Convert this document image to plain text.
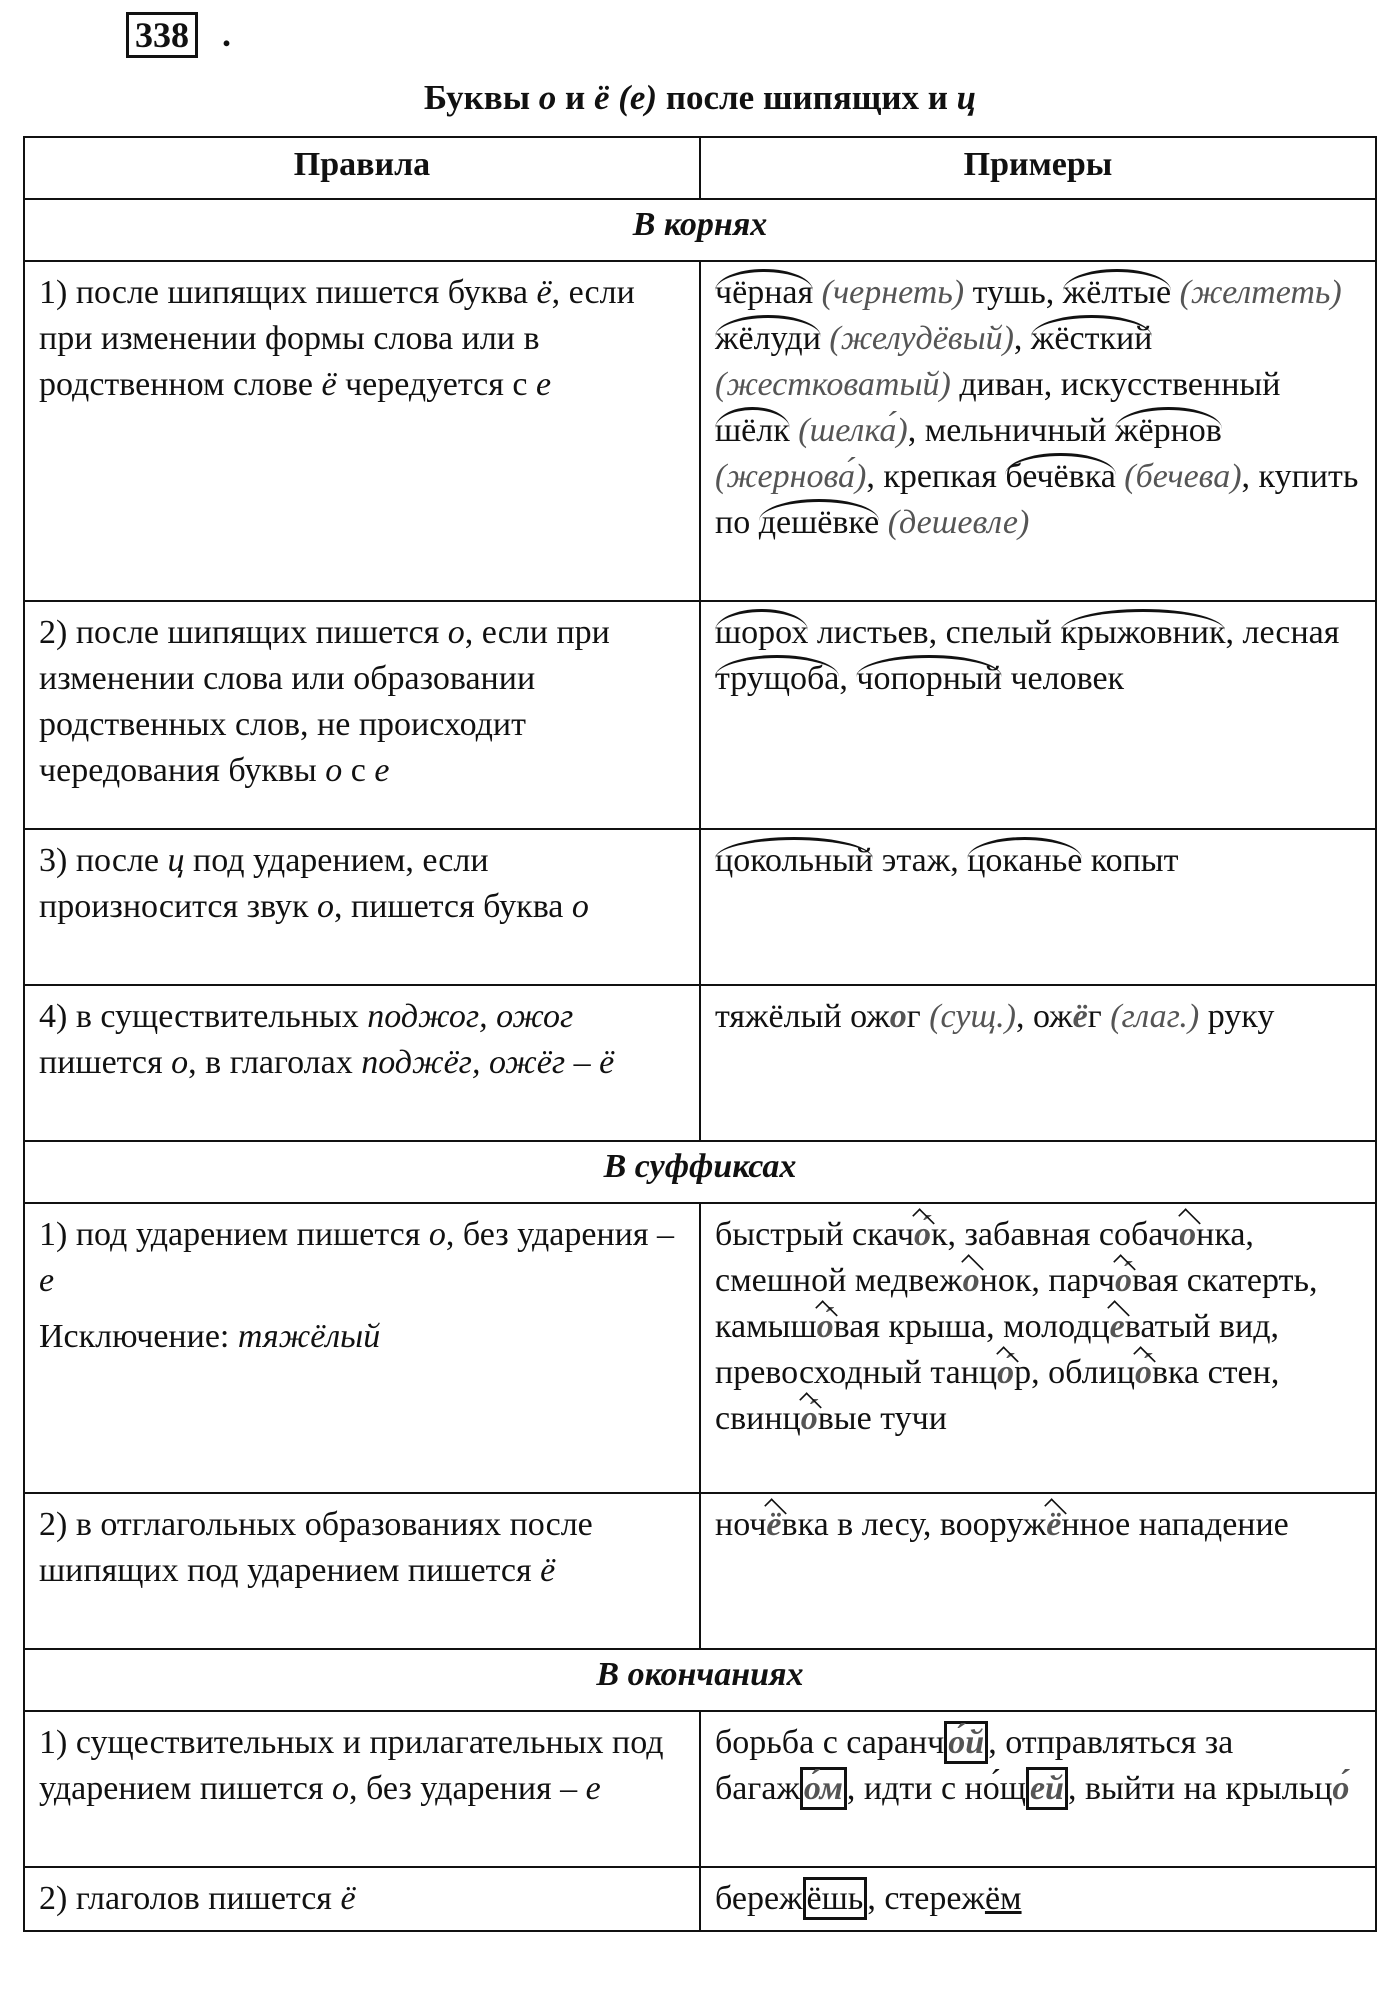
338 .
Буквы о и ё (е) после шипящих и ц
Правила	Примеры
В корнях	
1) после шипящих пишется буква ё, если при изменении формы слова или в родственном слове ё чередуется с е	чёрная (чернеть) тушь, жёлтые (желтеть) жёлуди (желудёвый), жёсткий (жестковатый) диван, искусственный шёлк (шелка́), мельничный жёрнов (жернова́), крепкая бечёвка (бечева), купить по дешёвке (дешевле)
2) после шипящих пишется о, если при изменении слова или образовании родственных слов, не происходит чередования буквы о с е	шорох листьев, спелый крыжовник, лесная трущоба, чопорный человек
3) после ц под ударением, если произносится звук о, пишется буква о	цокольный этаж, цоканье копыт
4) в существительных поджог, ожог пишется о, в глаголах поджёг, ожёг – ё	тяжёлый ожог (сущ.), ожёг (глаг.) руку
В суффиксах	

1) под ударением пишется о, без ударения – е
Исключение: тяжёлый	быстрый скачо́к, забавная собачонка, смешной медвежонок, парчо́вая скатерть, камышо́вая крыша, молодцеватый вид, превосходный танцо́р, облицо́вка стен, свинцо́вые тучи
2) в отглагольных образованиях после шипящих под ударением пишется ё	ночёвка в лесу, вооружённое нападение
В окончаниях	
1) существительных и прилагательных под ударением пишется о, без ударения – е	борьба с саранч о́й , отправляться за багаж о́м , идти с но́щ ей , выйти на крыльцо́
2) глаголов пишется ё	береж ёшь , стережём
